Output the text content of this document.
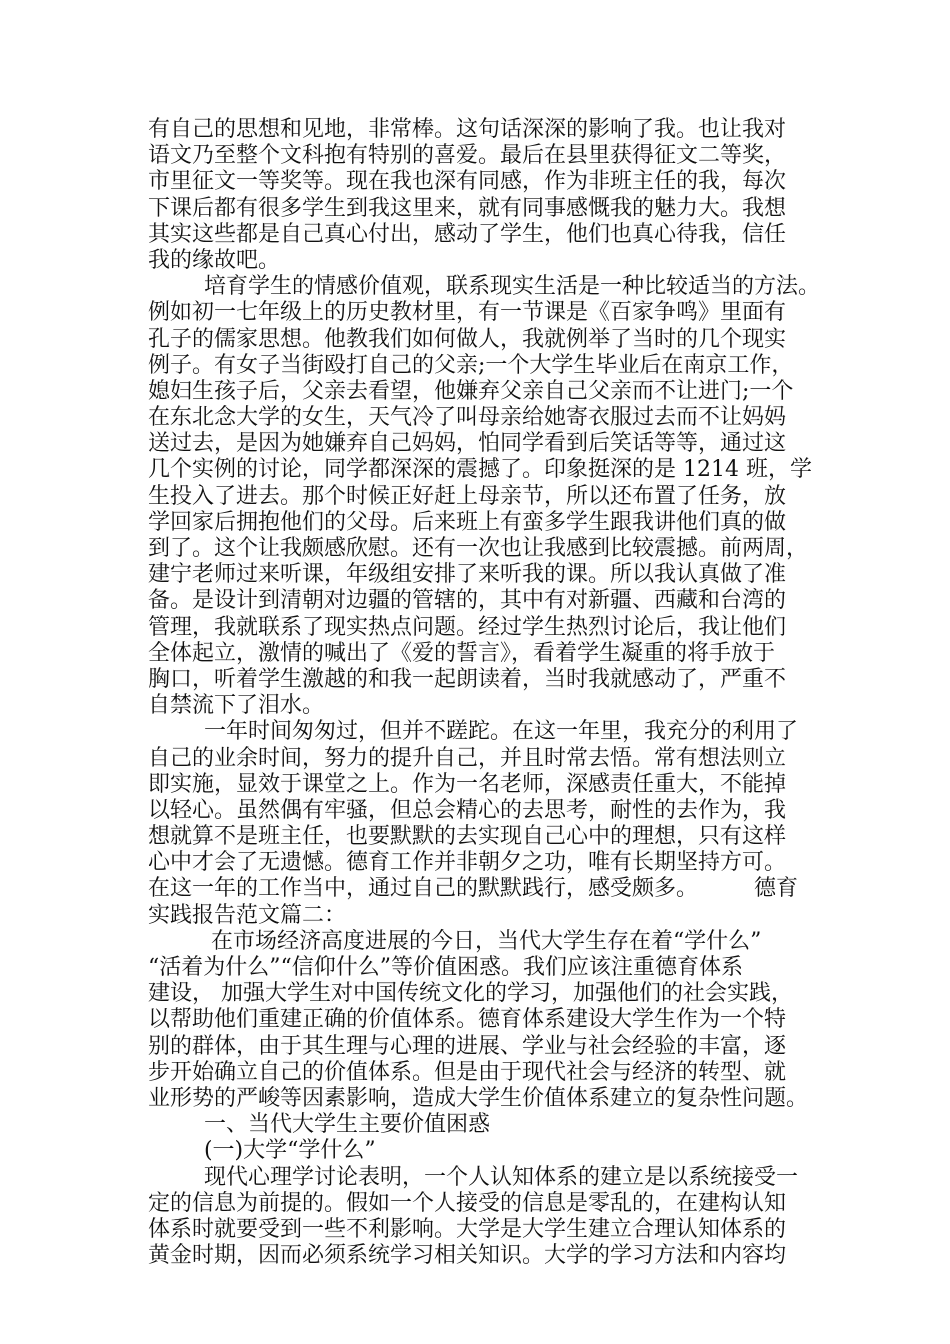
有自己的思想和见地，非常棒。这句话深深的影响了我。也让我对
语文乃至整个文科抱有特别的喜爱。最后在县里获得征文二等奖，
市里征文一等奖等。现在我也深有同感，作为非班主任的我，每次
下课后都有很多学生到我这里来，就有同事感慨我的魅力大。我想
其实这些都是自己真心付出，感动了学生，他们也真心待我，信任
我的缘故吧。
培育学生的情感价值观，联系现实生活是一种比较适当的方法。
例如初一七年级上的历史教材里，有一节课是《百家争鸣》里面有
孔子的儒家思想。他教我们如何做人，我就例举了当时的几个现实
例子。有女子当街殴打自己的父亲;一个大学生毕业后在南京工作，
媳妇生孩子后，父亲去看望，他嫌弃父亲自己父亲而不让进门;一个
在东北念大学的女生，天气冷了叫母亲给她寄衣服过去而不让妈妈
送过去，是因为她嫌弃自己妈妈，怕同学看到后笑话等等，通过这
几个实例的讨论，同学都深深的震撼了。印象挺深的是 1214 班，学
生投入了进去。那个时候正好赶上母亲节，所以还布置了任务，放
学回家后拥抱他们的父母。后来班上有蛮多学生跟我讲他们真的做
到了。这个让我颇感欣慰。还有一次也让我感到比较震撼。前两周，
建宁老师过来听课，年级组安排了来听我的课。所以我认真做了准
备。是设计到清朝对边疆的管辖的，其中有对新疆、西藏和台湾的
管理，我就联系了现实热点问题。经过学生热烈讨论后，我让他们
全体起立，激情的喊出了《爱的誓言》，看着学生凝重的将手放于
胸口，听着学生激越的和我一起朗读着，当时我就感动了，严重不
自禁流下了泪水。
一年时间匆匆过，但并不蹉跎。在这一年里，我充分的利用了
自己的业余时间，努力的提升自己，并且时常去悟。常有想法则立
即实施，显效于课堂之上。作为一名老师，深感责任重大，不能掉
以轻心。虽然偶有牢骚，但总会精心的去思考，耐性的去作为，我
想就算不是班主任，也要默默的去实现自己心中的理想，只有这样
心中才会了无遗憾。德育工作并非朝夕之功，唯有长期坚持方可。
在这一年的工作当中，通过自己的默默践行，感受颇多。        德育
实践报告范文篇二：
在市场经济高度进展的今日，当代大学生存在着“学什么”
“活着为什么”“信仰什么”等价值困惑。我们应该注重德育体系
建设， 加强大学生对中国传统文化的学习，加强他们的社会实践，
以帮助他们重建正确的价值体系。德育体系建设大学生作为一个特
别的群体，由于其生理与心理的进展、学业与社会经验的丰富，逐
步开始确立自己的价值体系。但是由于现代社会与经济的转型、就
业形势的严峻等因素影响，造成大学生价值体系建立的复杂性问题。
一、当代大学生主要价值困惑
(一)大学“学什么”
现代心理学讨论表明，一个人认知体系的建立是以系统接受一
定的信息为前提的。假如一个人接受的信息是零乱的，在建构认知
体系时就要受到一些不利影响。大学是大学生建立合理认知体系的
黄金时期，因而必须系统学习相关知识。大学的学习方法和内容均
